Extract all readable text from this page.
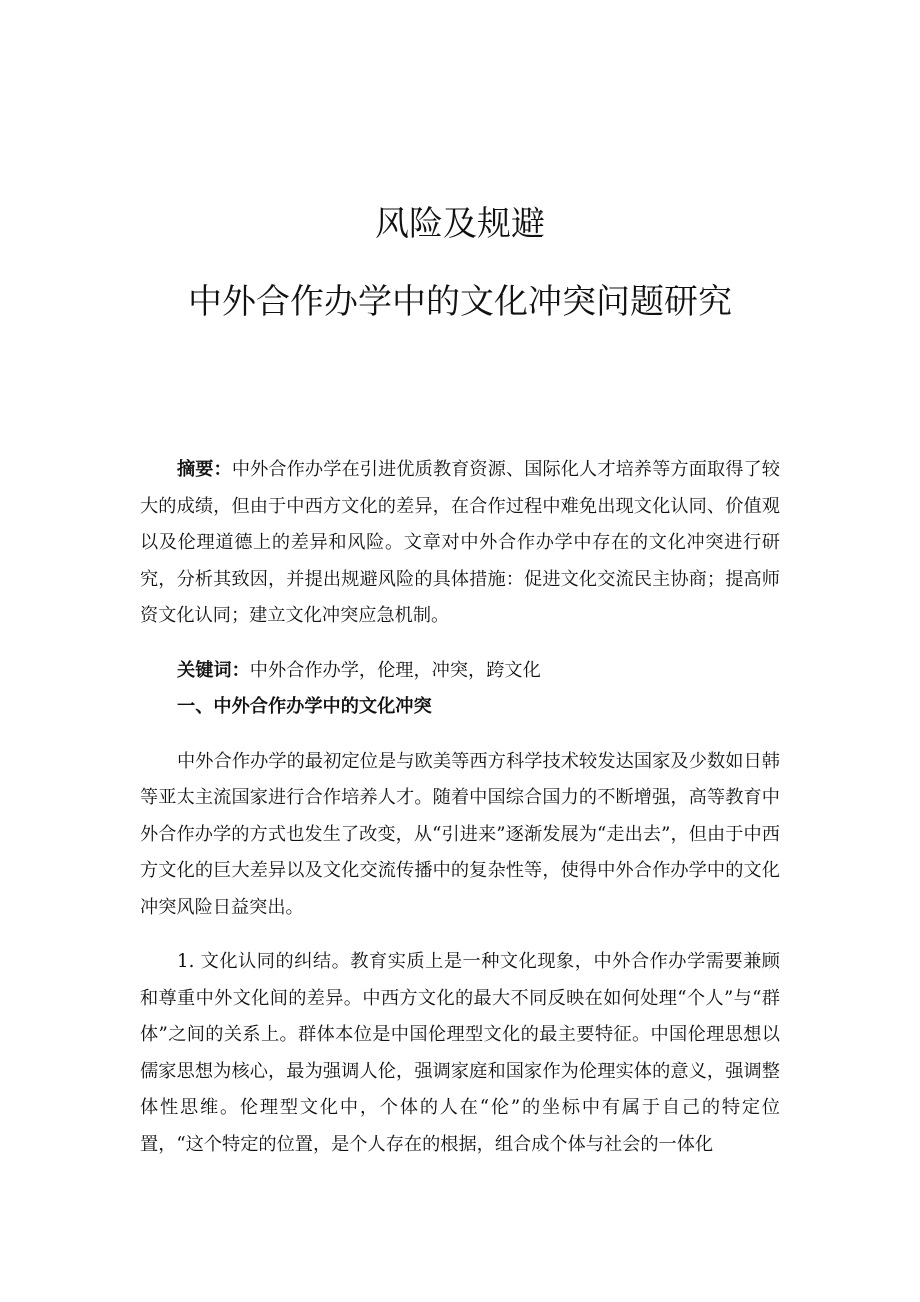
风险及规避
中外合作办学中的文化冲突问题研究

摘要：中外合作办学在引进优质教育资源、国际化人才培养等方面取得了较大的成绩，但由于中西方文化的差异，在合作过程中难免出现文化认同、价值观以及伦理道德上的差异和风险。文章对中外合作办学中存在的文化冲突进行研究，分析其致因，并提出规避风险的具体措施：促进文化交流民主协商；提高师资文化认同；建立文化冲突应急机制。

关键词：中外合作办学，伦理，冲突，跨文化

一、中外合作办学中的文化冲突

中外合作办学的最初定位是与欧美等西方科学技术较发达国家及少数如日韩等亚太主流国家进行合作培养人才。随着中国综合国力的不断增强，高等教育中外合作办学的方式也发生了改变，从“引进来”逐渐发展为“走出去”，但由于中西方文化的巨大差异以及文化交流传播中的复杂性等，使得中外合作办学中的文化冲突风险日益突出。

1. 文化认同的纠结。教育实质上是一种文化现象，中外合作办学需要兼顾和尊重中外文化间的差异。中西方文化的最大不同反映在如何处理“个人”与“群体”之间的关系上。群体本位是中国伦理型文化的最主要特征。中国伦理思想以儒家思想为核心，最为强调人伦，强调家庭和国家作为伦理实体的意义，强调整体性思维。伦理型文化中，个体的人在“伦”的坐标中有属于自己的特定位置，“这个特定的位置，是个人存在的根据，组合成个体与社会的一体化
